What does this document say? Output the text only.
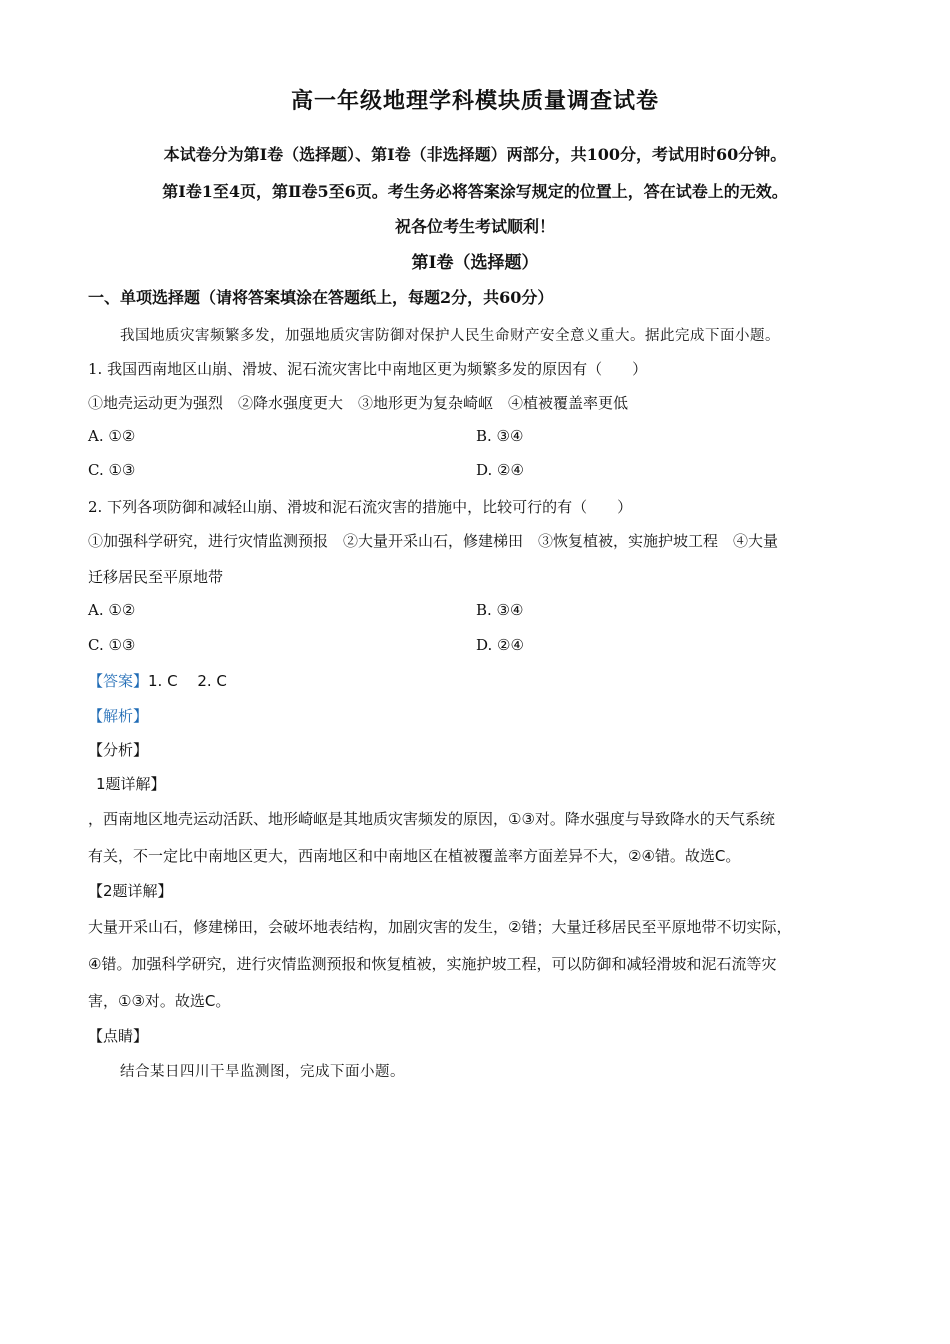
高一年级地理学科模块质量调查试卷
本试卷分为第Ⅰ卷（选择题）、第Ⅰ卷（非选择题）两部分，共100分，考试用时60分钟。
第Ⅰ卷1至4页，第Ⅱ卷5至6页。考生务必将答案涂写规定的位置上，答在试卷上的无效。
祝各位考生考试顺利！
第Ⅰ卷（选择题）
一、单项选择题（请将答案填涂在答题纸上，每题2分，共60分）
我国地质灾害频繁多发，加强地质灾害防御对保护人民生命财产安全意义重大。据此完成下面小题。
1. 我国西南地区山崩、滑坡、泥石流灾害比中南地区更为频繁多发的原因有（　　）
①地壳运动更为强烈　②降水强度更大　③地形更为复杂崎岖　④植被覆盖率更低
A. ①②	B. ③④
C. ①③	D. ②④
2. 下列各项防御和减轻山崩、滑坡和泥石流灾害的措施中，比较可行的有（　　）
①加强科学研究，进行灾情监测预报　②大量开采山石，修建梯田　③恢复植被，实施护坡工程　④大量
迁移居民至平原地带
A. ①②	B. ③④
C. ①③	D. ②④
【答案】1. C　 2. C
【解析】
【分析】
1题详解】
，西南地区地壳运动活跃、地形崎岖是其地质灾害频发的原因，①③对。降水强度与导致降水的天气系统
有关，不一定比中南地区更大，西南地区和中南地区在植被覆盖率方面差异不大，②④错。故选C。
【2题详解】
大量开采山石，修建梯田，会破坏地表结构，加剧灾害的发生，②错；大量迁移居民至平原地带不切实际，
④错。加强科学研究，进行灾情监测预报和恢复植被，实施护坡工程，可以防御和减轻滑坡和泥石流等灾
害，①③对。故选C。
【点睛】
结合某日四川干旱监测图，完成下面小题。
